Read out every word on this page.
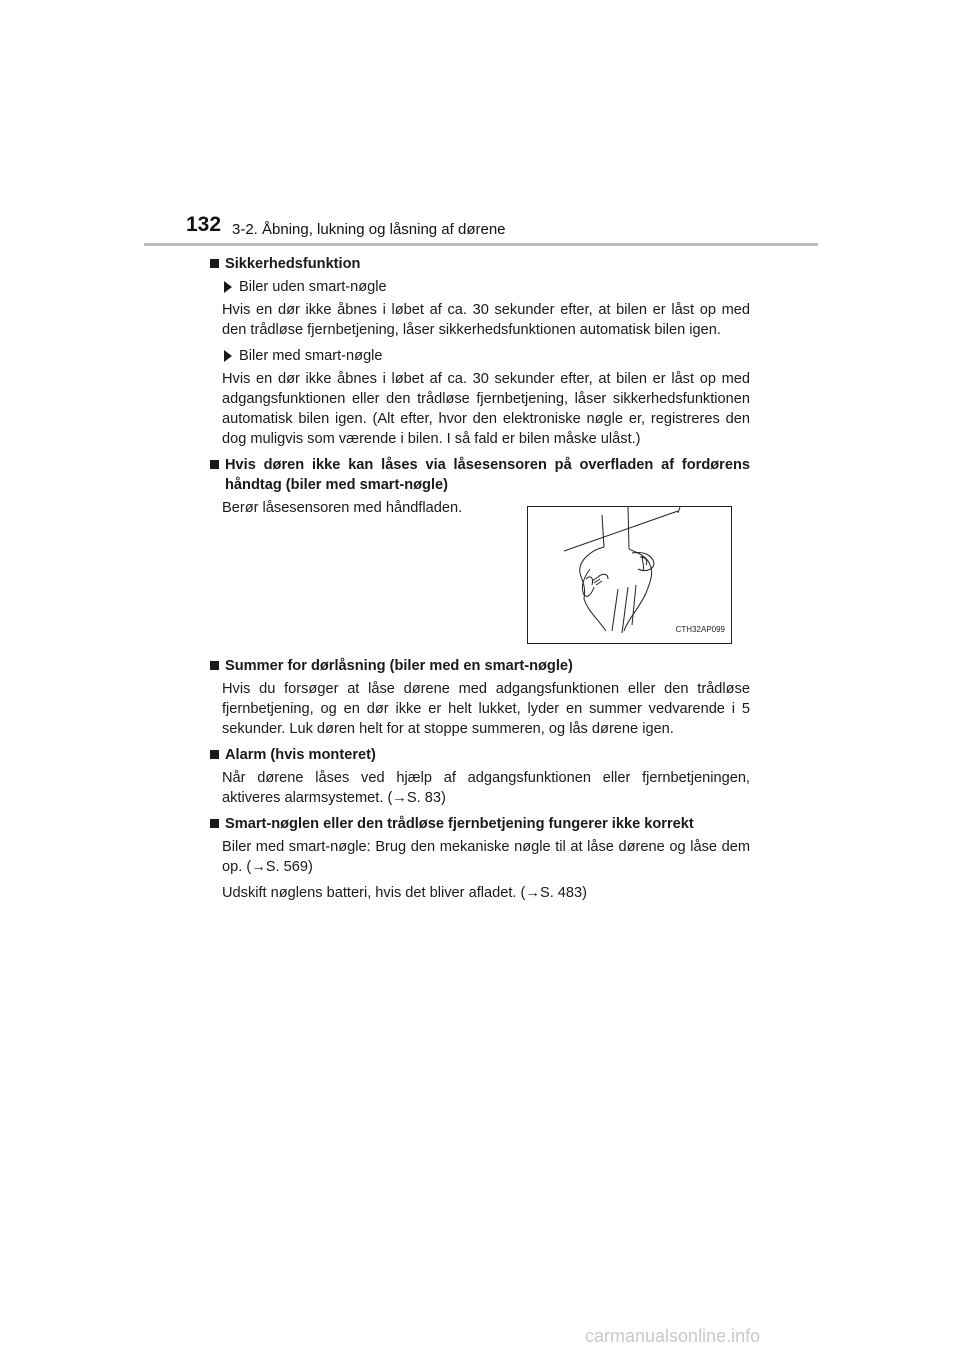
132 3-2. Åbning, lukning og låsning af dørene
Sikkerhedsfunktion
Biler uden smart-nøgle
Hvis en dør ikke åbnes i løbet af ca. 30 sekunder efter, at bilen er låst op med den trådløse fjernbetjening, låser sikkerhedsfunktionen automatisk bilen igen.
Biler med smart-nøgle
Hvis en dør ikke åbnes i løbet af ca. 30 sekunder efter, at bilen er låst op med adgangsfunktionen eller den trådløse fjernbetjening, låser sikkerhedsfunktionen automatisk bilen igen. (Alt efter, hvor den elektroniske nøgle er, registreres den dog muligvis som værende i bilen. I så fald er bilen måske ulåst.)
Hvis døren ikke kan låses via låsesensoren på overfladen af fordørens håndtag (biler med smart-nøgle)
Berør låsesensoren med håndfladen.
CTH32AP099
Summer for dørlåsning (biler med en smart-nøgle)
Hvis du forsøger at låse dørene med adgangsfunktionen eller den trådløse fjernbetjening, og en dør ikke er helt lukket, lyder en summer vedvarende i 5 sekunder. Luk døren helt for at stoppe summeren, og lås dørene igen.
Alarm (hvis monteret)
Når dørene låses ved hjælp af adgangsfunktionen eller fjernbetjeningen, aktiveres alarmsystemet. (→S. 83)
Smart-nøglen eller den trådløse fjernbetjening fungerer ikke korrekt
Biler med smart-nøgle: Brug den mekaniske nøgle til at låse dørene og låse dem op. (→S. 569)
Udskift nøglens batteri, hvis det bliver afladet. (→S. 483)
carmanualsonline.info
